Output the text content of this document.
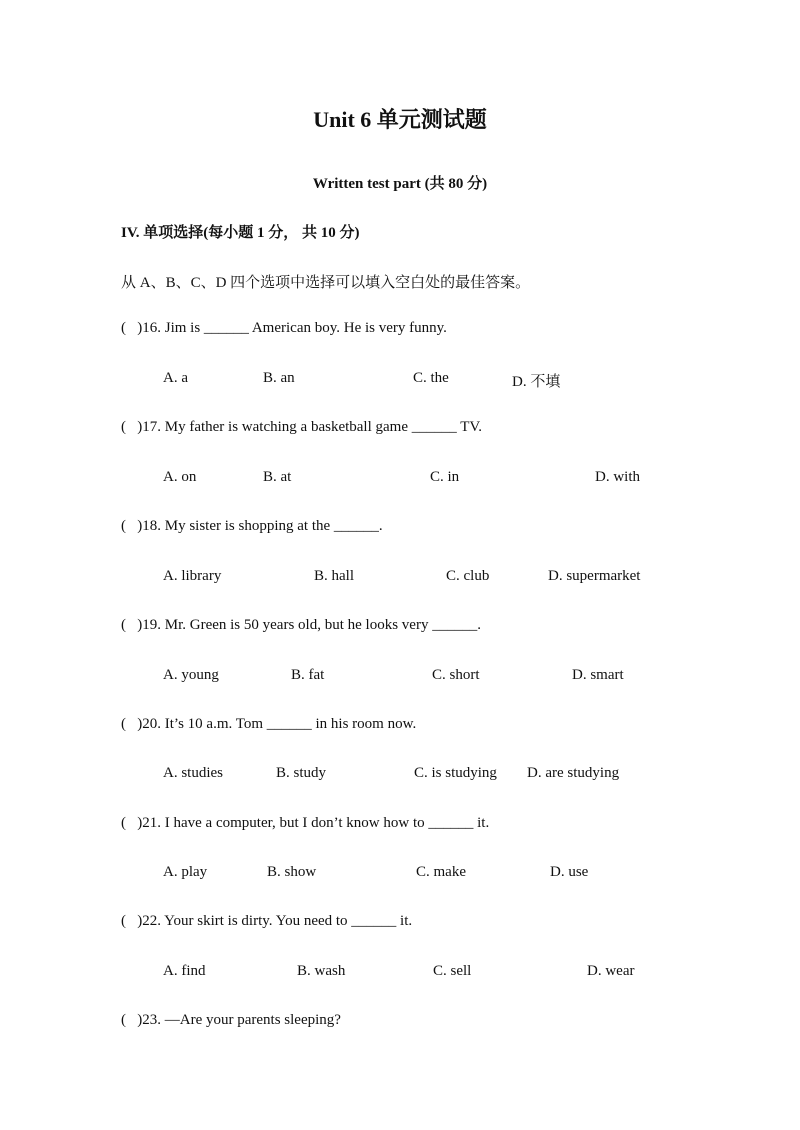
Unit 6 单元测试题
Written test part (共 80 分)
IV. 单项选择(每小题 1 分， 共 10 分)
从 A、B、C、D 四个选项中选择可以填入空白处的最佳答案。
(   )16. Jim is ______ American boy. He is very funny.
A. a	B. an	C. the	D. 不填
(   )17. My father is watching a basketball game ______ TV.
A. on	B. at	C. in	D. with
(   )18. My sister is shopping at the ______.
A. library	B. hall	C. club	D. supermarket
(   )19. Mr. Green is 50 years old, but he looks very ______.
A. young	B. fat	C. short	D. smart
(   )20. It’s 10 a.m. Tom ______ in his room now.
A. studies	B. study	C. is studying D. are studying
(   )21. I have a computer, but I don’t know how to ______ it.
A. play	B. show	C. make	D. use
(   )22. Your skirt is dirty. You need to ______ it.
A. find	B. wash	C. sell	D. wear
(   )23. —Are your parents sleeping?
